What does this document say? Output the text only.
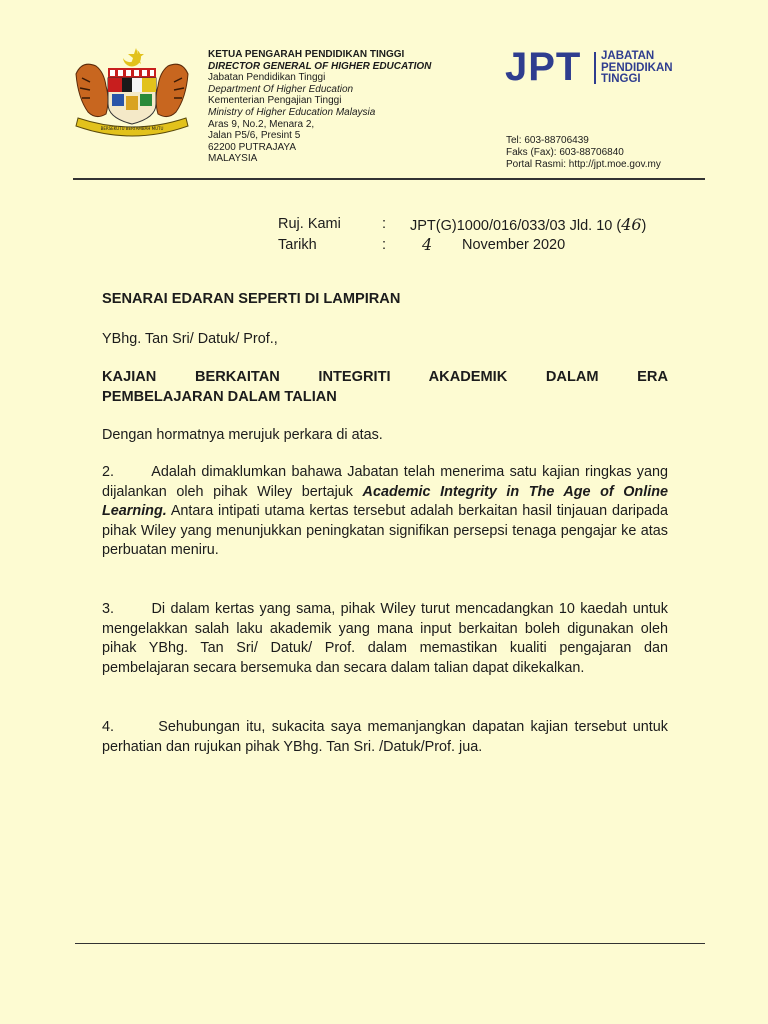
BERSEKUTU BERTAMBAH MUTU
KETUA PENGARAH PENDIDIKAN TINGGI
DIRECTOR GENERAL OF HIGHER EDUCATION
Jabatan Pendidikan Tinggi
Department Of Higher Education
Kementerian Pengajian Tinggi
Ministry of Higher Education Malaysia
Aras 9, No.2, Menara 2,
Jalan P5/6, Presint 5
62200 PUTRAJAYA
MALAYSIA
JPT JABATAN
PENDIDIKAN
TINGGI
Tel: 603-88706439
Faks (Fax): 603-88706840
Portal Rasmi: http://jpt.moe.gov.my
Ruj. Kami	: JPT(G)1000/016/033/03 Jld. 10 (46)
Tarikh	: 4 November 2020
SENARAI EDARAN SEPERTI DI LAMPIRAN
YBhg. Tan Sri/ Datuk/ Prof.,
KAJIAN BERKAITAN INTEGRITI AKADEMIK DALAM ERA
PEMBELAJARAN DALAM TALIAN
Dengan hormatnya merujuk perkara di atas.
2.	Adalah dimaklumkan bahawa Jabatan telah menerima satu kajian ringkas yang dijalankan oleh pihak Wiley bertajuk Academic Integrity in The Age of Online Learning. Antara intipati utama kertas tersebut adalah berkaitan hasil tinjauan daripada pihak Wiley yang menunjukkan peningkatan signifikan persepsi tenaga pengajar ke atas perbuatan meniru.
3.	Di dalam kertas yang sama, pihak Wiley turut mencadangkan 10 kaedah untuk mengelakkan salah laku akademik yang mana input berkaitan boleh digunakan oleh pihak YBhg. Tan Sri/ Datuk/ Prof. dalam memastikan kualiti pengajaran dan pembelajaran secara bersemuka dan secara dalam talian dapat dikekalkan.
4.	Sehubungan itu, sukacita saya memanjangkan dapatan kajian tersebut untuk perhatian dan rujukan pihak YBhg. Tan Sri. /Datuk/Prof. jua.
